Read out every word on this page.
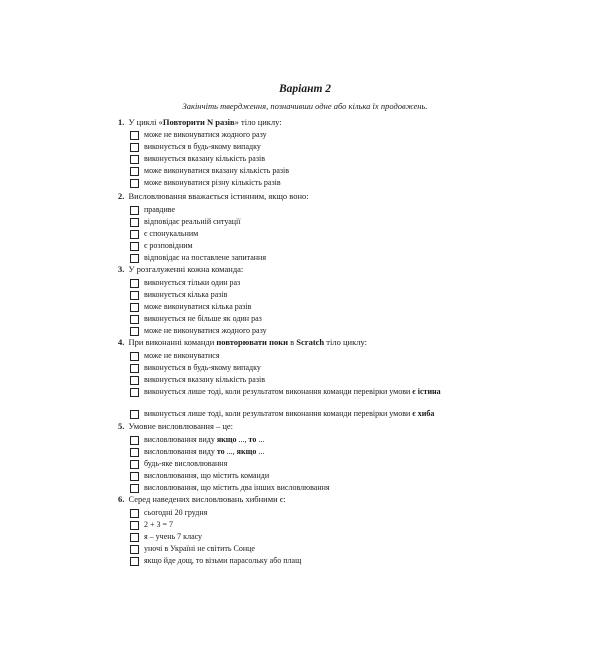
Варіант 2
Закінчіть твердження, позначивши одне або кілька їх продовжень.
1. У циклі «Повторити N разів» тіло циклу:
може не виконуватися жодного разу
виконується в будь-якому випадку
виконується вказану кількість разів
може виконуватися вказану кількість разів
може виконуватися різну кількість разів
2. Висловлювання вважається істинним, якщо воно:
правдиве
відповідає реальній ситуації
є спонукальним
є розповідним
відповідає на поставлене запитання
3. У розгалуженні кожна команда:
виконується тільки один раз
виконується кілька разів
може виконуватися кілька разів
виконується не більше як один раз
може не виконуватися жодного разу
4. При виконанні команди повторювати поки в Scratch тіло циклу:
може не виконуватися
виконується в будь-якому випадку
виконується вказану кількість разів
виконується лише тоді, коли результатом виконання команди перевірки умови є істина
виконується лише тоді, коли результатом виконання команди перевірки умови є хиба
5. Умовне висловлювання – це:
висловлювання виду якщо ..., то ...
висловлювання виду то ..., якщо ...
будь-яке висловлювання
висловлювання, що містить команди
висловлювання, що містить два інших висловлювання
6. Серед наведених висловлювань хибними є:
сьогодні 20 грудня
2 + 3 = 7
я – учень 7 класу
уночі в Україні не світить Сонце
якщо йде дощ, то візьми парасольку або плащ
